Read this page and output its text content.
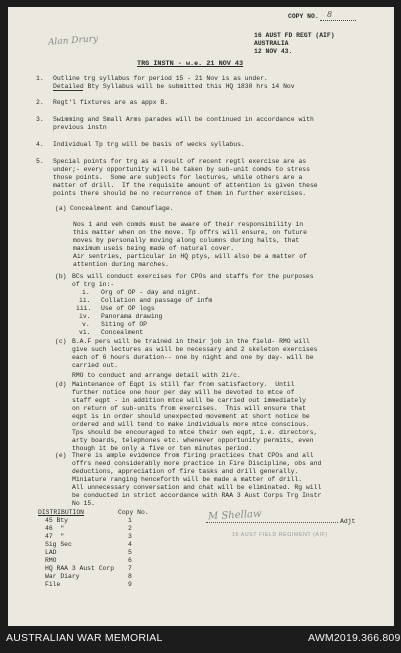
COPY NO. 8
Alan Drury	16 AUST FD REGT (AIF)
AUSTRALIA
12 NOV 43.
TRG INSTN - w.e. 21 NOV 43
1. Outline trg syllabus for period 15 - 21 Nov is as under.
Detailed Bty Syllabus will be submitted this HQ 1830 hrs 14 Nov
2. Regt'l fixtures are as appx B.
3. Swimming and Small Arms parades will be continued in accordance with
previous instn
4. Individual Tp trg will be basis of wecks syllabus.
5. Special points for trg as a result of recent regtl exercise are as
under;- every opportunity will be taken by sub-unit comds to stress
those points.  Some are subjects for lectures, while others are a
matter of drill.  If the requisite amount of attention is given these
points there should be no recurrence of them in further exercises.
(a) Concealment and Camouflage.
Nos 1 and veh comds must be aware of their responsibility in
this matter when on the move. Tp offrs will ensure, on future
moves by personally moving along columns during halts, that
maximum useis being made of natural cover.
Air sentries, particular in HQ ptys, will also be a matter of
attention during marches.
(b) BCs will conduct exercises for CPOs and staffs for the purposes
of trg in:-
i. Org of OP - day and night.
ii. Collation and passage of infm
iii. Use of OP logs
iv. Panorama drawing
v. Siting of OP
vi. Concealment
(c) B.A.F pers will be trained in their job in the field- RMO will
give such lectures as will be necessary and 2 skeleton exercises
each of 6 hours duration-- one by night and one by day- will be
carried out.
RMO to conduct and arrange detail with 2i/c.
(d) Maintenance of Eqpt is still far from satisfactory.  Until
further notice one hour per day will be devoted to mtce of
staff eqpt - in addition mtce will be carried out immediately
on return of sub-units from exercises.  This will ensure that
eqpt is in order should unexpected movement at short notice be
ordered and will tend to make individuals more mtce conscious.
Tps should be encouraged to mtce their own eqpt, i.e. directors,
arty boards, telephones etc. whenever opportunity permits, even
though it be only a five or ten minutes period.
(e) There is ample evidence from firing practices that CPOs and all
offrs need considerably more practice in Fire Discipline, obs and
deductions, appreciation of fire tasks and drill generally.
Miniature ranging henceforth will be made a matter of drill.
All unnecessary conversation and chat will be eliminated. Rg will
be conducted in strict accordance with RAA 3 Aust Corps Trg Instr
No 15.
DISTRIBUTION	Copy No.
45 Bty	1
46  "	2
47  "	3
Sig Sec	4
LAD	5
RMO	6
HQ RAA 3 Aust Corp 7
War Diary	8
File	9
M Shellaw	Adjt
16 AUST FIELD REGIMENT (AIF)
AUSTRALIAN WAR MEMORIAL	AWM2019.366.809
